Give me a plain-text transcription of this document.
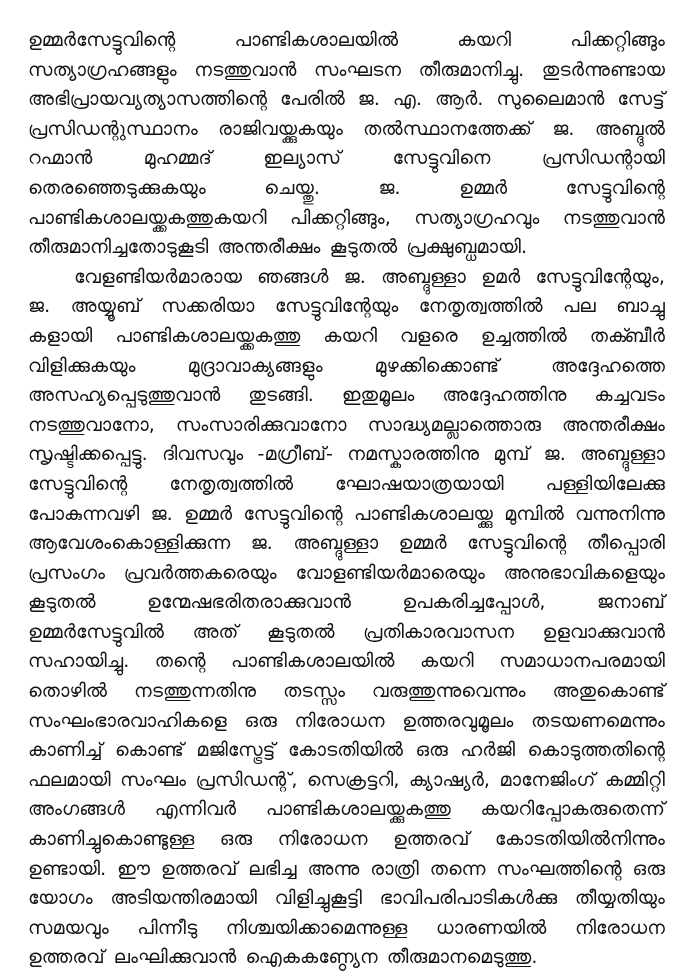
ഉമ്മർസേട്ടുവിന്റെ പാണ്ടികശാലയിൽ കയറി പിക്കറ്റിങ്ങും സത്യാഗ്രഹങ്ങളും നടത്തുവാൻ സംഘടന തീരുമാനിച്ചു. തുടർന്നുണ്ടായ അഭിപ്രായവ്യത്യാസത്തിന്റെ പേരിൽ ജ. എ. ആർ. സുലൈമാൻ സേട്ട് പ്രസിഡന്റുസ്ഥാനം രാജിവയ്ക്കുകയും തൽസ്ഥാനത്തേക്ക് ജ. അബ്ദുൽ റഹ്മാൻ മുഹമ്മദ് ഇല്യാസ് സേട്ടുവിനെ പ്രസിഡന്റായി തെരഞ്ഞെടുക്കുകയും ചെയ്തു. ജ. ഉമ്മർ സേട്ടുവിന്റെ പാണ്ടികശാലയ്ക്കകത്തുകയറി പിക്കറ്റിങ്ങും, സത്യാഗ്രഹവും നടത്തുവാൻ തീരുമാനിച്ചതോടുകൂടി അന്തരീക്ഷം കൂടുതൽ പ്രക്ഷുബ്ധമായി.

വേളണ്ടിയർമാരായ ഞങ്ങൾ ജ. അബ്ദുള്ളാ ഉമർ സേട്ടുവിന്റേയും, ജ. അയ്യൂബ് സക്കരിയാ സേട്ടുവിന്റേയും നേതൃത്വത്തിൽ പല ബാച്ചു കളായി പാണ്ടികശാലയ്ക്കകത്തു കയറി വളരെ ഉച്ചത്തിൽ തക്ബീർ വിളിക്കുകയും മുദ്രാവാക്യങ്ങളും മുഴക്കിക്കൊണ്ട് അദ്ദേഹത്തെ അസഹ്യപ്പെടുത്തുവാൻ തുടങ്ങി. ഇതുമൂലം അദ്ദേഹത്തിനു കച്ചവടം നടത്തുവാനോ, സംസാരിക്കുവാനോ സാദ്ധ്യമല്ലാത്തൊരു അന്തരീക്ഷം സൃഷ്ടിക്കപ്പെട്ടു. ദിവസവും -മഗ്രീബ്- നമസ്കാരത്തിനു മുമ്പ് ജ. അബ്ദുള്ളാ സേട്ടുവിന്റെ നേതൃത്വത്തിൽ ഘോഷയാത്രയായി പള്ളിയിലേക്കു പോകുന്നവഴി ജ. ഉമ്മർ സേട്ടുവിന്റെ പാണ്ടികശാലയ്ക്കു മുമ്പിൽ വന്നുനിന്നു ആവേശംകൊള്ളിക്കുന്ന ജ. അബ്ദുള്ളാ ഉമ്മർ സേട്ടുവിന്റെ തീപ്പൊരി പ്രസംഗം പ്രവർത്തകരെയും വോളണ്ടിയർമാരെയും അനുഭാവികളെയും കൂടുതൽ ഉന്മേഷഭരിതരാക്കുവാൻ ഉപകരിച്ചപ്പോൾ, ജനാബ് ഉമ്മർസേട്ടുവിൽ അത് കൂടുതൽ പ്രതികാരവാസന ഉളവാക്കുവാൻ സഹായിച്ചു. തന്റെ പാണ്ടികശാലയിൽ കയറി സമാധാനപരമായി തൊഴിൽ നടത്തുന്നതിനു തടസ്സം വരുത്തുന്നുവെന്നും അതുകൊണ്ട് സംഘംഭാരവാഹികളെ ഒരു നിരോധന ഉത്തരവുമൂലം തടയണമെന്നും കാണിച്ച് കൊണ്ട് മജിസ്ട്രേട്ട് കോടതിയിൽ ഒരു ഹർജി കൊടുത്തതിന്റെ ഫലമായി സംഘം പ്രസിഡന്റ്, സെക്രട്ടറി, ക്യാഷ്യർ, മാനേജിംഗ് കമ്മിറ്റി അംഗങ്ങൾ എന്നിവർ പാണ്ടികശാലയ്ക്കുകത്തു കയറിപ്പോകരുതെന്ന് കാണിച്ചുകൊണ്ടുള്ള ഒരു നിരോധന ഉത്തരവ് കോടതിയിൽനിന്നും ഉണ്ടായി. ഈ ഉത്തരവ് ലഭിച്ച അന്നു രാത്രി തന്നെ സംഘത്തിന്റെ ഒരു യോഗം അടിയന്തിരമായി വിളിച്ചുകൂട്ടി ഭാവിപരിപാടികൾക്കു തീയ്യതിയും സമയവും പിന്നീടു നിശ്ചയിക്കാമെന്നുള്ള ധാരണയിൽ നിരോധന ഉത്തരവ് ലംഘിക്കുവാൻ ഐകകണ്ഠ്യേന തീരുമാനമെടുത്തു.
